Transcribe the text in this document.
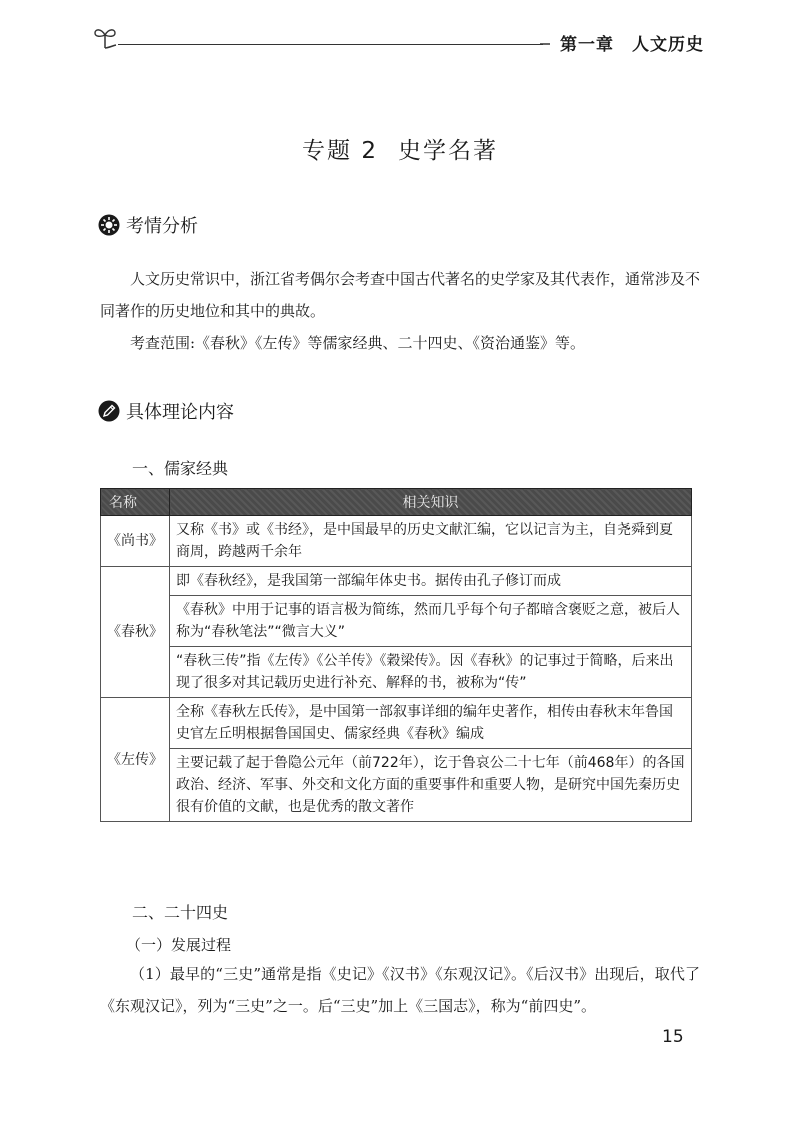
第一章 人文历史
专题 2 史学名著
考情分析

人文历史常识中，浙江省考偶尔会考查中国古代著名的史学家及其代表作，通常涉及不同著作的历史地位和其中的典故。

考查范围:《春秋》《左传》等儒家经典、二十四史、《资治通鉴》等。

具体理论内容
一、儒家经典
名称	相关知识
《尚书》	又称《书》或《书经》，是中国最早的历史文献汇编，它以记言为主，自尧舜到夏商周，跨越两千余年
《春秋》	即《春秋经》，是我国第一部编年体史书。据传由孔子修订而成
	《春秋》中用于记事的语言极为简练，然而几乎每个句子都暗含褒贬之意，被后人称为“春秋笔法”“微言大义”
	“春秋三传”指《左传》《公羊传》《穀梁传》。因《春秋》的记事过于简略，后来出现了很多对其记载历史进行补充、解释的书，被称为“传”
《左传》	全称《春秋左氏传》，是中国第一部叙事详细的编年史著作，相传由春秋末年鲁国史官左丘明根据鲁国国史、儒家经典《春秋》编成
	主要记载了起于鲁隐公元年（前722年），讫于鲁哀公二十七年（前468年）的各国政治、经济、军事、外交和文化方面的重要事件和重要人物，是研究中国先秦历史很有价值的文献，也是优秀的散文著作
二、二十四史
（一）发展过程

（1）最早的“三史”通常是指《史记》《汉书》《东观汉记》。《后汉书》出现后，取代了《东观汉记》，列为“三史”之一。后“三史”加上《三国志》，称为“前四史”。

15
